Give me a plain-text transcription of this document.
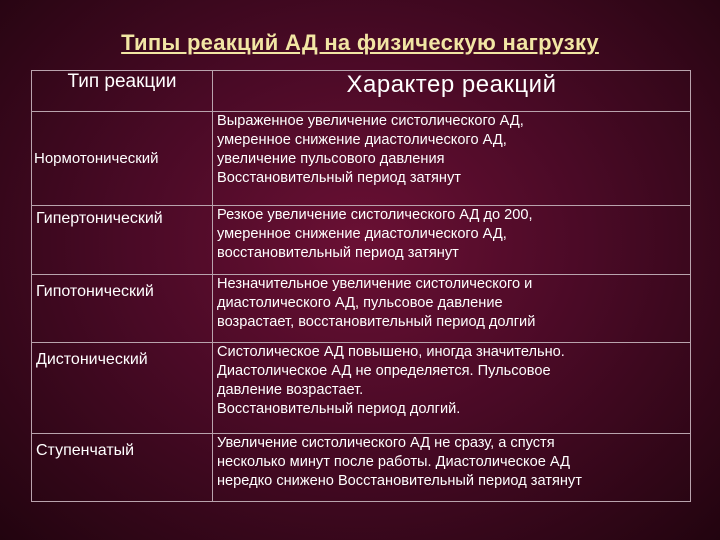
Типы реакций АД на физическую нагрузку
Тип реакции	Характер реакций
Нормотонический	Выраженное увеличение систолического АД,
умеренное снижение диастолического АД,
увеличение пульсового давления
Восстановительный период затянут

Гипертонический	Резкое увеличение систолического АД до 200,
умеренное снижение диастолического АД,
восстановительный период затянут

Гипотонический	Незначительное увеличение систолического и
диастолического АД, пульсовое давление
возрастает, восстановительный период долгий

Дистонический	Систолическое АД повышено, иногда значительно.
Диастолическое АД не определяется. Пульсовое
давление возрастает.
Восстановительный период долгий.

Ступенчатый	Увеличение систолического АД не сразу, а спустя
несколько минут после работы. Диастолическое АД
нередко снижено Восстановительный период затянут
